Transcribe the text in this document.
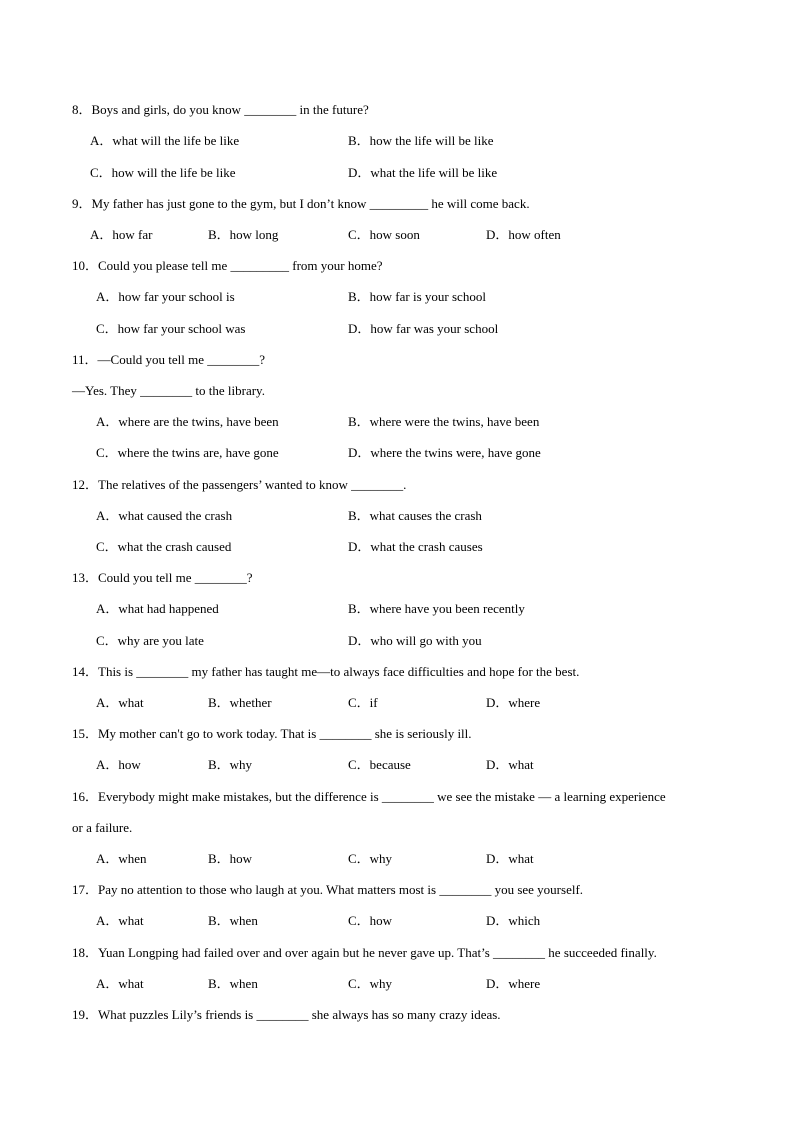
8．Boys and girls, do you know ________ in the future?
A．what will the life be like	B．how the life will be like
C．how will the life be like	D．what the life will be like
9．My father has just gone to the gym, but I don’t know _________ he will come back.
A．how far	B．how long	C．how soon	D．how often
10．Could you please tell me _________ from your home?
A．how far your school is	B．how far is your school
C．how far your school was	D．how far was your school
11．—Could you tell me ________?
—Yes. They ________ to the library.
A．where are the twins, have been	B．where were the twins, have been
C．where the twins are, have gone	D．where the twins were, have gone
12．The relatives of the passengers’ wanted to know ________.
A．what caused the crash	B．what causes the crash
C．what the crash caused	D．what the crash causes
13．Could you tell me ________?
A．what had happened	B．where have you been recently
C．why are you late	D．who will go with you
14．This is ________ my father has taught me—to always face difficulties and hope for the best.
A．what	B．whether	C．if	D．where
15．My mother can't go to work today. That is ________ she is seriously ill.
A．how	B．why	C．because	D．what
16．Everybody might make mistakes, but the difference is ________ we see the mistake — a learning experience
or a failure.
A．when	B．how	C．why	D．what
17．Pay no attention to those who laugh at you. What matters most is ________ you see yourself.
A．what	B．when	C．how	D．which
18．Yuan Longping had failed over and over again but he never gave up. That’s ________ he succeeded finally.
A．what	B．when	C．why	D．where
19．What puzzles Lily’s friends is ________ she always has so many crazy ideas.
